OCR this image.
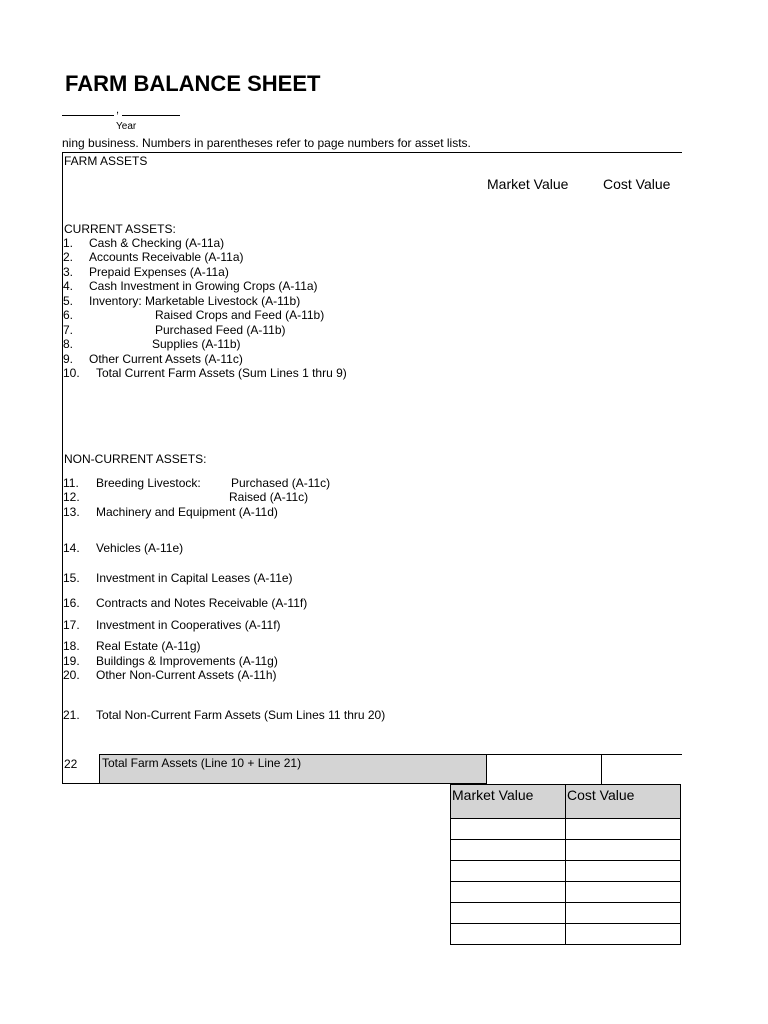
FARM BALANCE SHEET
,
Year
ning business. Numbers in parentheses refer to page numbers for asset lists.
FARM ASSETS
Market Value Cost Value
CURRENT ASSETS:
1. Cash & Checking (A-11a)
2. Accounts Receivable (A-11a)
3. Prepaid Expenses (A-11a)
4. Cash Investment in Growing Crops (A-11a)
5. Inventory: Marketable Livestock (A-11b)
6.	Raised Crops and Feed (A-11b)
7.	Purchased Feed (A-11b)
8.	Supplies (A-11b)
9. Other Current Assets (A-11c)
10. Total Current Farm Assets (Sum Lines 1 thru 9)
NON-CURRENT ASSETS:
11. Breeding Livestock:	Purchased (A-11c)
12.	Raised (A-11c)
13. Machinery and Equipment (A-11d)
14. Vehicles (A-11e)
15. Investment in Capital Leases (A-11e)
16. Contracts and Notes Receivable (A-11f)
17. Investment in Cooperatives (A-11f)
18. Real Estate (A-11g)
19. Buildings & Improvements (A-11g)
20. Other Non-Current Assets (A-11h)
21. Total Non-Current Farm Assets (Sum Lines 11 thru 20)
22 Total Farm Assets (Line 10 + Line 21)
Market Value	Cost Value
